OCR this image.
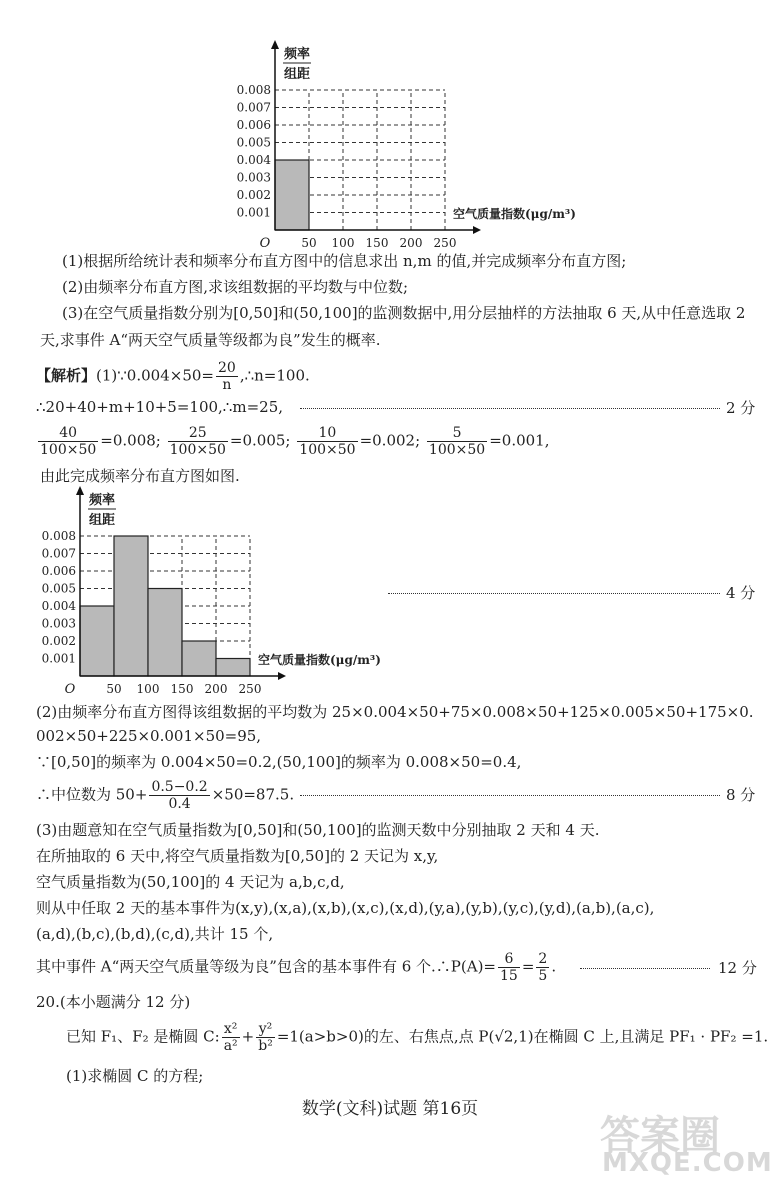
0.001
0.002
0.003
0.004
0.005
0.006
0.007
0.008
50 100 150 200 250
O
频率
组距
空气质量指数(μg/m³)
(1)根据所给统计表和频率分布直方图中的信息求出 n,m 的值,并完成频率分布直方图;
(2)由频率分布直方图,求该组数据的平均数与中位数;
(3)在空气质量指数分别为[0,50]和(50,100]的监测数据中,用分层抽样的方法抽取 6 天,从中任意选取 2
天,求事件 A“两天空气质量等级都为良”发生的概率.
【解析】(1)∵0.004×50= $\frac{20}{n}$ ,∴n=100.
∴20+40+m+10+5=100,∴m=25,	2 分
$\frac{40}{100\times 50} =0.008$; $\frac{25}{100\times 50} =0.005$; $\frac{10}{100\times 50} =0.002$; $\frac{5}{100\times 50} =0.001$,
由此完成频率分布直方图如图.
0.001
0.002
0.003
0.004
0.005
0.006
0.007
0.008
50 100 150 200 250
O
频率
组距
空气质量指数(μg/m³)
4 分
(2)由频率分布直方图得该组数据的平均数为 25×0.004×50+75×0.008×50+125×0.005×50+175×0.
002×50+225×0.001×50=95,
∵[0,50]的频率为 0.004×50=0.2,(50,100]的频率为 0.008×50=0.4,
∴中位数为 $50+ \frac{0.5-0.2}{0.4} \times 50=87.5$.	8 分
(3)由题意知在空气质量指数为[0,50]和(50,100]的监测天数中分别抽取 2 天和 4 天.
在所抽取的 6 天中,将空气质量指数为[0,50]的 2 天记为 x,y,
空气质量指数为(50,100]的 4 天记为 a,b,c,d,
则从中任取 2 天的基本事件为(x,y),(x,a),(x,b),(x,c),(x,d),(y,a),(y,b),(y,c),(y,d),(a,b),(a,c),
(a,d),(b,c),(b,d),(c,d),共计 15 个,
其中事件 A“两天空气质量等级为良”包含的基本事件有 6 个.∴P(A)= $\frac{6}{15} = \frac{2}{5}$ .	12 分
20.(本小题满分 12 分)
已知 F₁、F₂ 是椭圆 C: $\frac{\text{x²}}{\text{a²}} + \frac{\text{y²}}{\text{b²}} =1(a>b>0)$的左、右焦点,点 P(√2,1)在椭圆 C 上,且满足 PF₁ · PF₂ =1.
(1)求椭圆 C 的方程;
数学(文科)试题 第16页
答案圈
MXQE.COM
